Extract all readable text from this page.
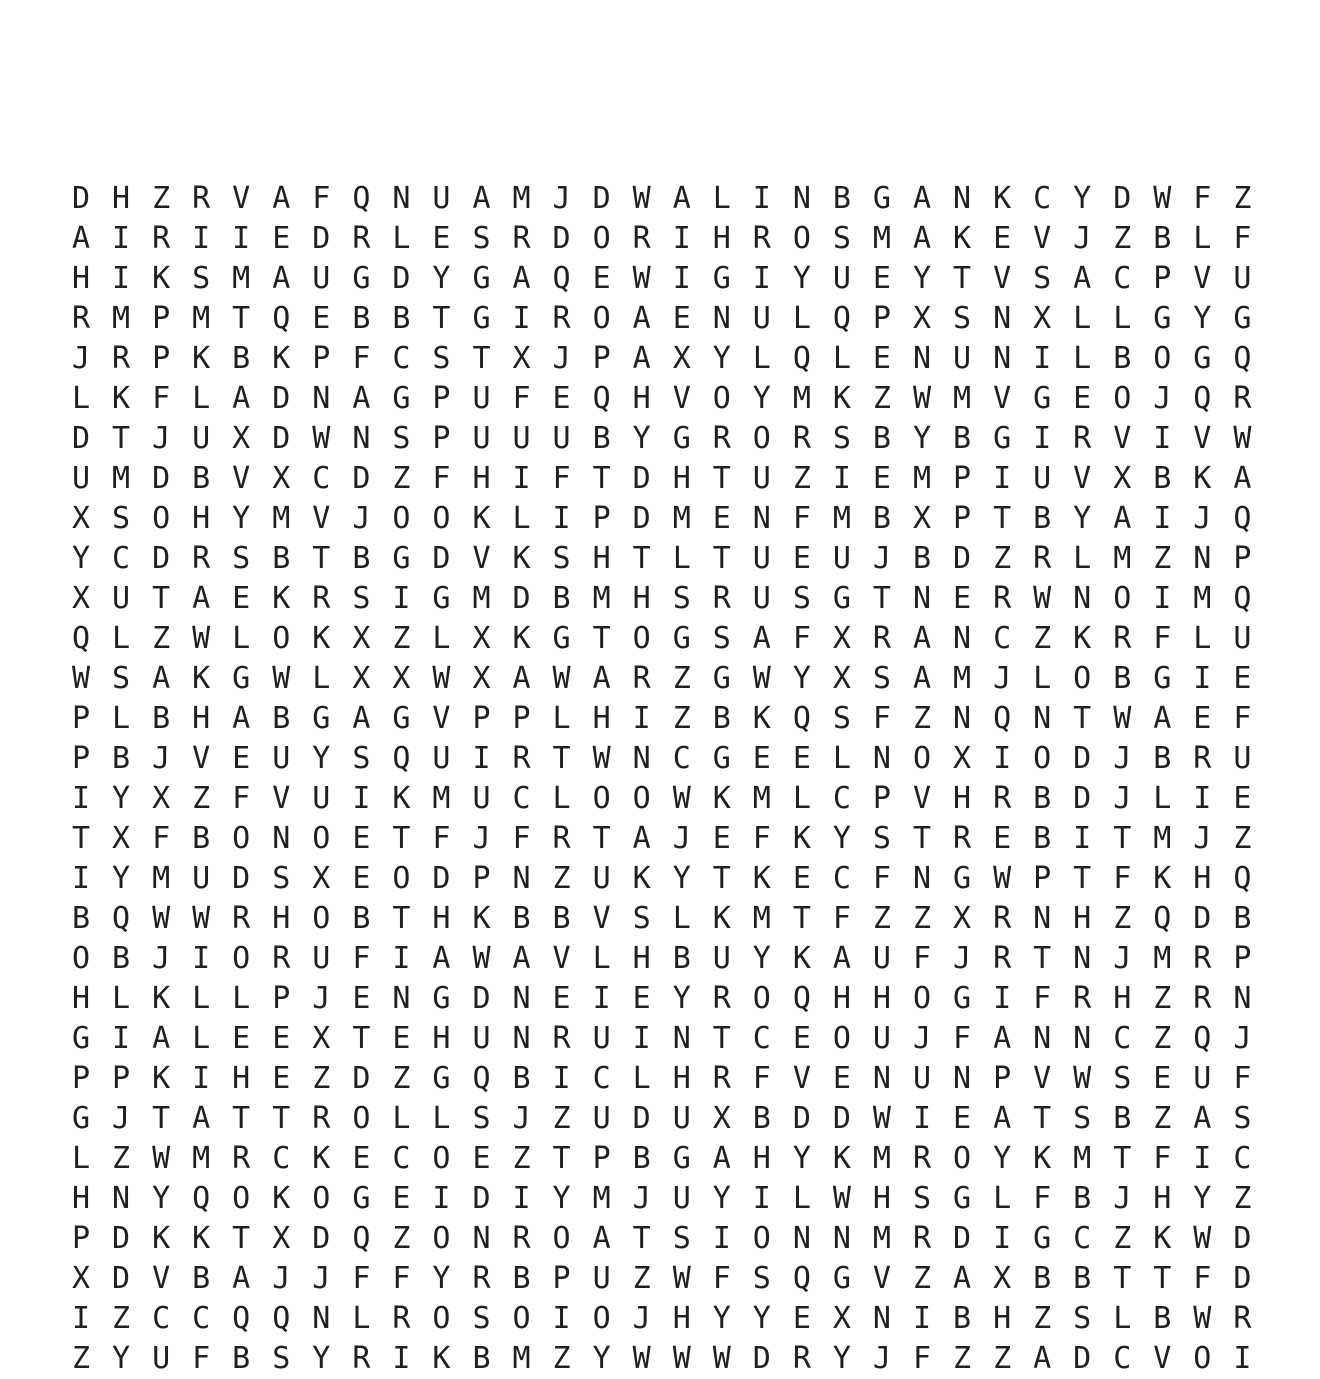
D H Z R V A F Q N U A M J D W A L I N B G A N K C Y D W F Z
A I R I I E D R L E S R D O R I H R O S M A K E V J Z B L F
H I K S M A U G D Y G A Q E W I G I Y U E Y T V S A C P V U
R M P M T Q E B B T G I R O A E N U L Q P X S N X L L G Y G
J R P K B K P F C S T X J P A X Y L Q L E N U N I L B O G Q
L K F L A D N A G P U F E Q H V O Y M K Z W M V G E O J Q R
D T J U X D W N S P U U U B Y G R O R S B Y B G I R V I V W
U M D B V X C D Z F H I F T D H T U Z I E M P I U V X B K A
X S O H Y M V J O O K L I P D M E N F M B X P T B Y A I J Q
Y C D R S B T B G D V K S H T L T U E U J B D Z R L M Z N P
X U T A E K R S I G M D B M H S R U S G T N E R W N O I M Q
Q L Z W L O K X Z L X K G T O G S A F X R A N C Z K R F L U
W S A K G W L X X W X A W A R Z G W Y X S A M J L O B G I E
P L B H A B G A G V P P L H I Z B K Q S F Z N Q N T W A E F
P B J V E U Y S Q U I R T W N C G E E L N O X I O D J B R U
I Y X Z F V U I K M U C L O O W K M L C P V H R B D J L I E
T X F B O N O E T F J F R T A J E F K Y S T R E B I T M J Z
I Y M U D S X E O D P N Z U K Y T K E C F N G W P T F K H Q
B Q W W R H O B T H K B B V S L K M T F Z Z X R N H Z Q D B
O B J I O R U F I A W A V L H B U Y K A U F J R T N J M R P
H L K L L P J E N G D N E I E Y R O Q H H O G I F R H Z R N
G I A L E E X T E H U N R U I N T C E O U J F A N N C Z Q J
P P K I H E Z D Z G Q B I C L H R F V E N U N P V W S E U F
G J T A T T R O L L S J Z U D U X B D D W I E A T S B Z A S
L Z W M R C K E C O E Z T P B G A H Y K M R O Y K M T F I C
H N Y Q O K O G E I D I Y M J U Y I L W H S G L F B J H Y Z
P D K K T X D Q Z O N R O A T S I O N N M R D I G C Z K W D
X D V B A J J F F Y R B P U Z W F S Q G V Z A X B B T T F D
I Z C C Q Q N L R O S O I O J H Y Y E X N I B H Z S L B W R
Z Y U F B S Y R I K B M Z Y W W W D R Y J F Z Z A D C V O I
